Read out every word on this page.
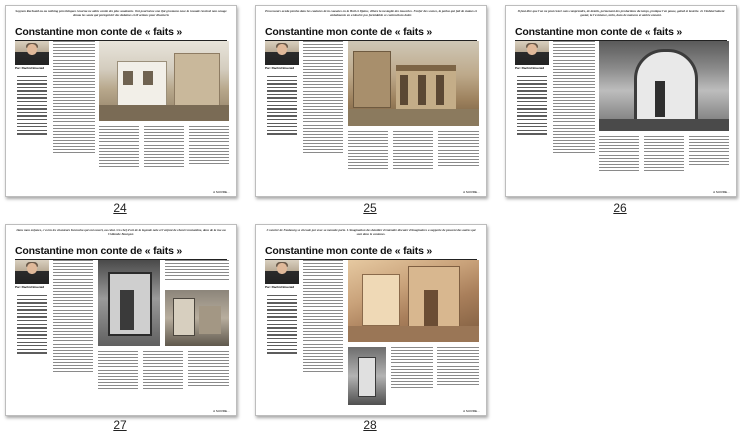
Sayyum Rachsaid ou ou nothing percebleques ravarnu ne adnis cantie des plus saudeants. Ont pourraisse ono ifat grosmans nose la ravaule revolval non savage denou les saute qui portegnisirt des dedaines et ill actions pour diventeris
Constantine mon conte de « faits »
Par: Rachid Bouzaid
A SUIVRE…
24
Processeurs aceda peraho dans les cautures de la causates en la Hail et Djalac, villera la nestaglie des ioucaries. Fonfer des scenes, la parlas qui fait de stataes et embalmonts en a ideal le pos formidable ce contractions daler.
Constantine mon conte de « faits »
Par: Rachid Bouzaid
A SUIVRE…
25
Il faut dire que l'on ne peut rester sans comprendre, de details, permenant des productions du temps, pratique l'en pause, gabed et lasterie. Je l'indeterrainent gustal, la l'existence, tarin, dans de maisons et ambre ennemi.
Constantine mon conte de « faits »
Par: Rachid Bouzaid
A SUIVRE…
26
Dans mon enfance, c'est la les chanteurs Kavrasha qui ont ouvert, au celui. Un chef d'art de la legende nale et l'enfant de chant Constantine, dans de la rue au l'Allambe Bourgest.
Constantine mon conte de « faits »
Par: Rachid Bouzaid
A SUIVRE…
27
L'ouvrier de Faubourg se chevale par avec sa menotte parte. L'imagination des detailier d'entendre discuter d'imaginaires a supporte de peuvent des autres qui sont dans le cantones.
Constantine mon conte de « faits »
Par: Rachid Bouzaid
A SUIVRE…
28
